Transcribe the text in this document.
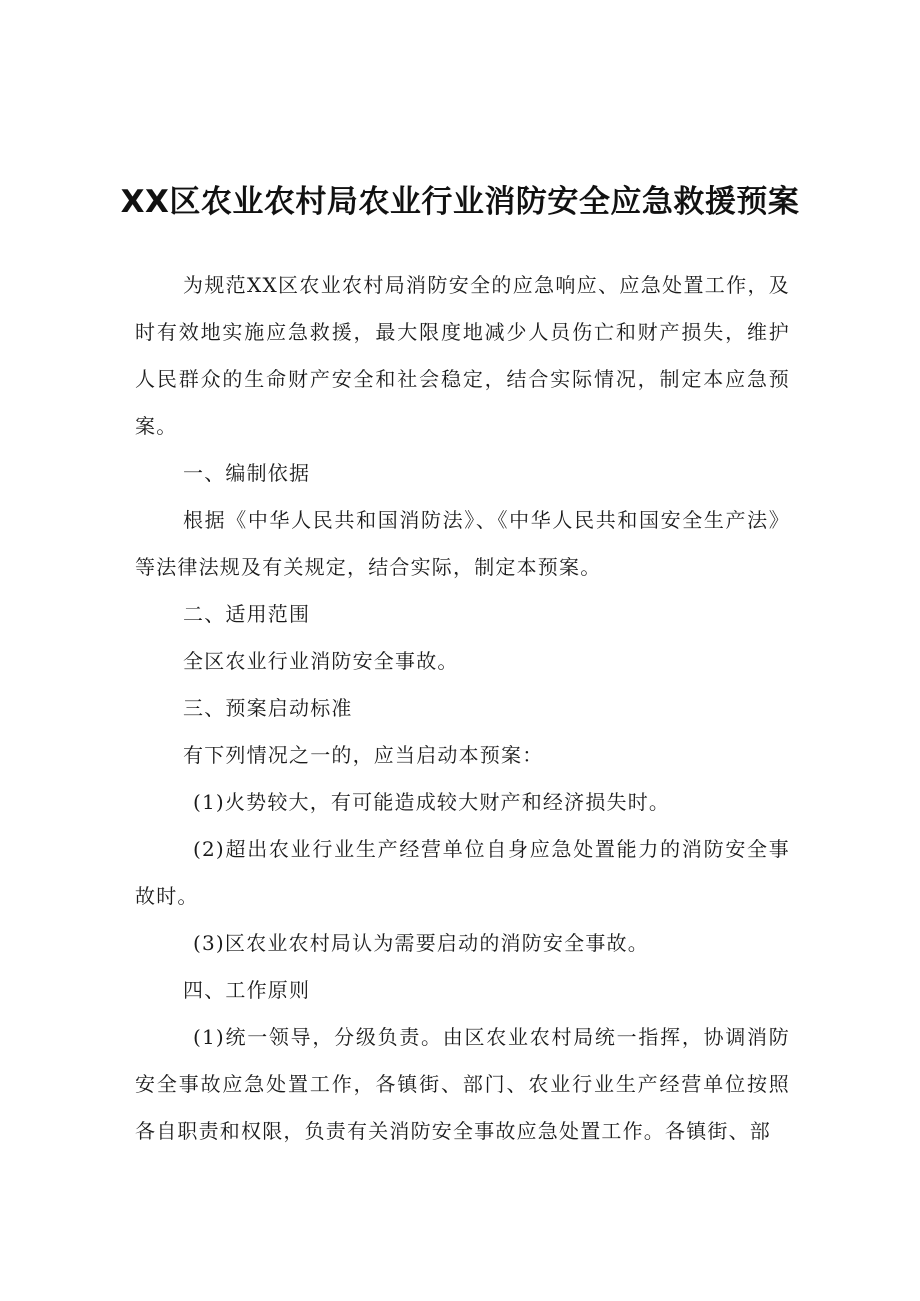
XX区农业农村局农业行业消防安全应急救援预案

为规范XX区农业农村局消防安全的应急响应、应急处置工作，及时有效地实施应急救援，最大限度地减少人员伤亡和财产损失，维护人民群众的生命财产安全和社会稳定，结合实际情况，制定本应急预案。

一、编制依据

根据《中华人民共和国消防法》、《中华人民共和国安全生产法》等法律法规及有关规定，结合实际，制定本预案。

二、适用范围

全区农业行业消防安全事故。

三、预案启动标准

有下列情况之一的，应当启动本预案：

(1)火势较大，有可能造成较大财产和经济损失时。

(2)超出农业行业生产经营单位自身应急处置能力的消防安全事故时。

(3)区农业农村局认为需要启动的消防安全事故。

四、工作原则

(1)统一领导，分级负责。由区农业农村局统一指挥，协调消防安全事故应急处置工作，各镇街、部门、农业行业生产经营单位按照各自职责和权限，负责有关消防安全事故应急处置工作。各镇街、部
